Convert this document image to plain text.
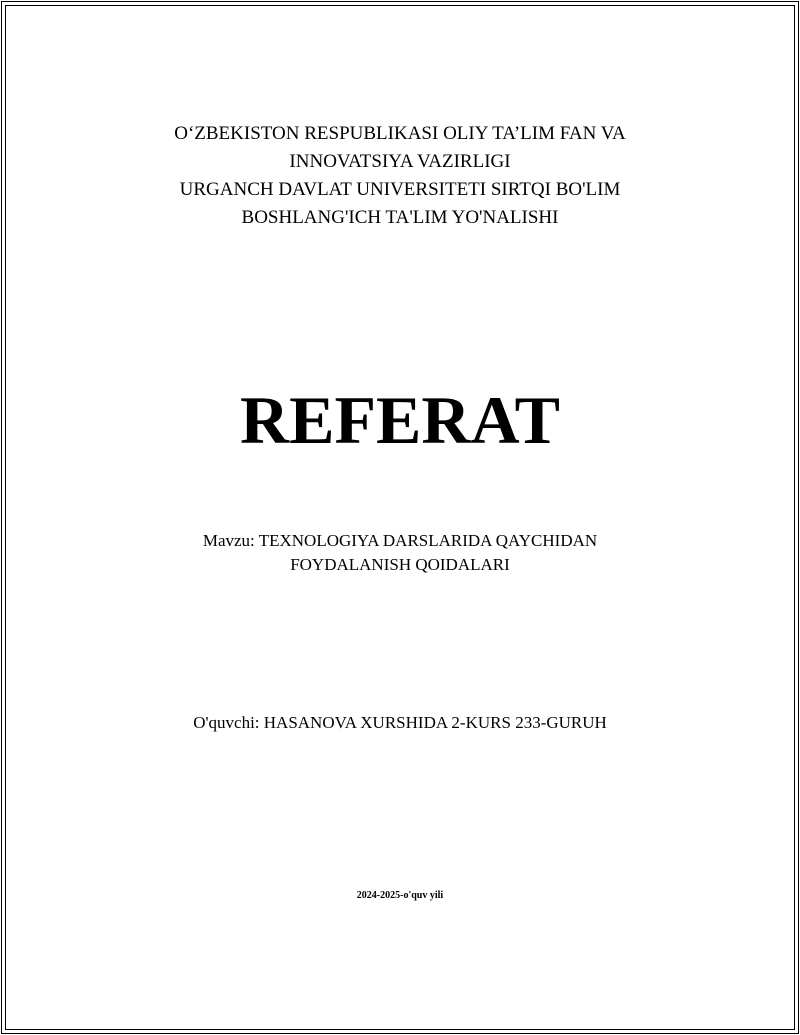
O‘ZBEKISTON RESPUBLIKASI OLIY TA’LIM FAN VA
INNOVATSIYA VAZIRLIGI
URGANCH DAVLAT UNIVERSITETI SIRTQI BO'LIM
BOSHLANG'ICH TA'LIM YO'NALISHI
REFERAT
Mavzu: TEXNOLOGIYA DARSLARIDA QAYCHIDAN
FOYDALANISH QOIDALARI
O'quvchi: HASANOVA XURSHIDA 2-KURS 233-GURUH
2024-2025-o'quv yili
